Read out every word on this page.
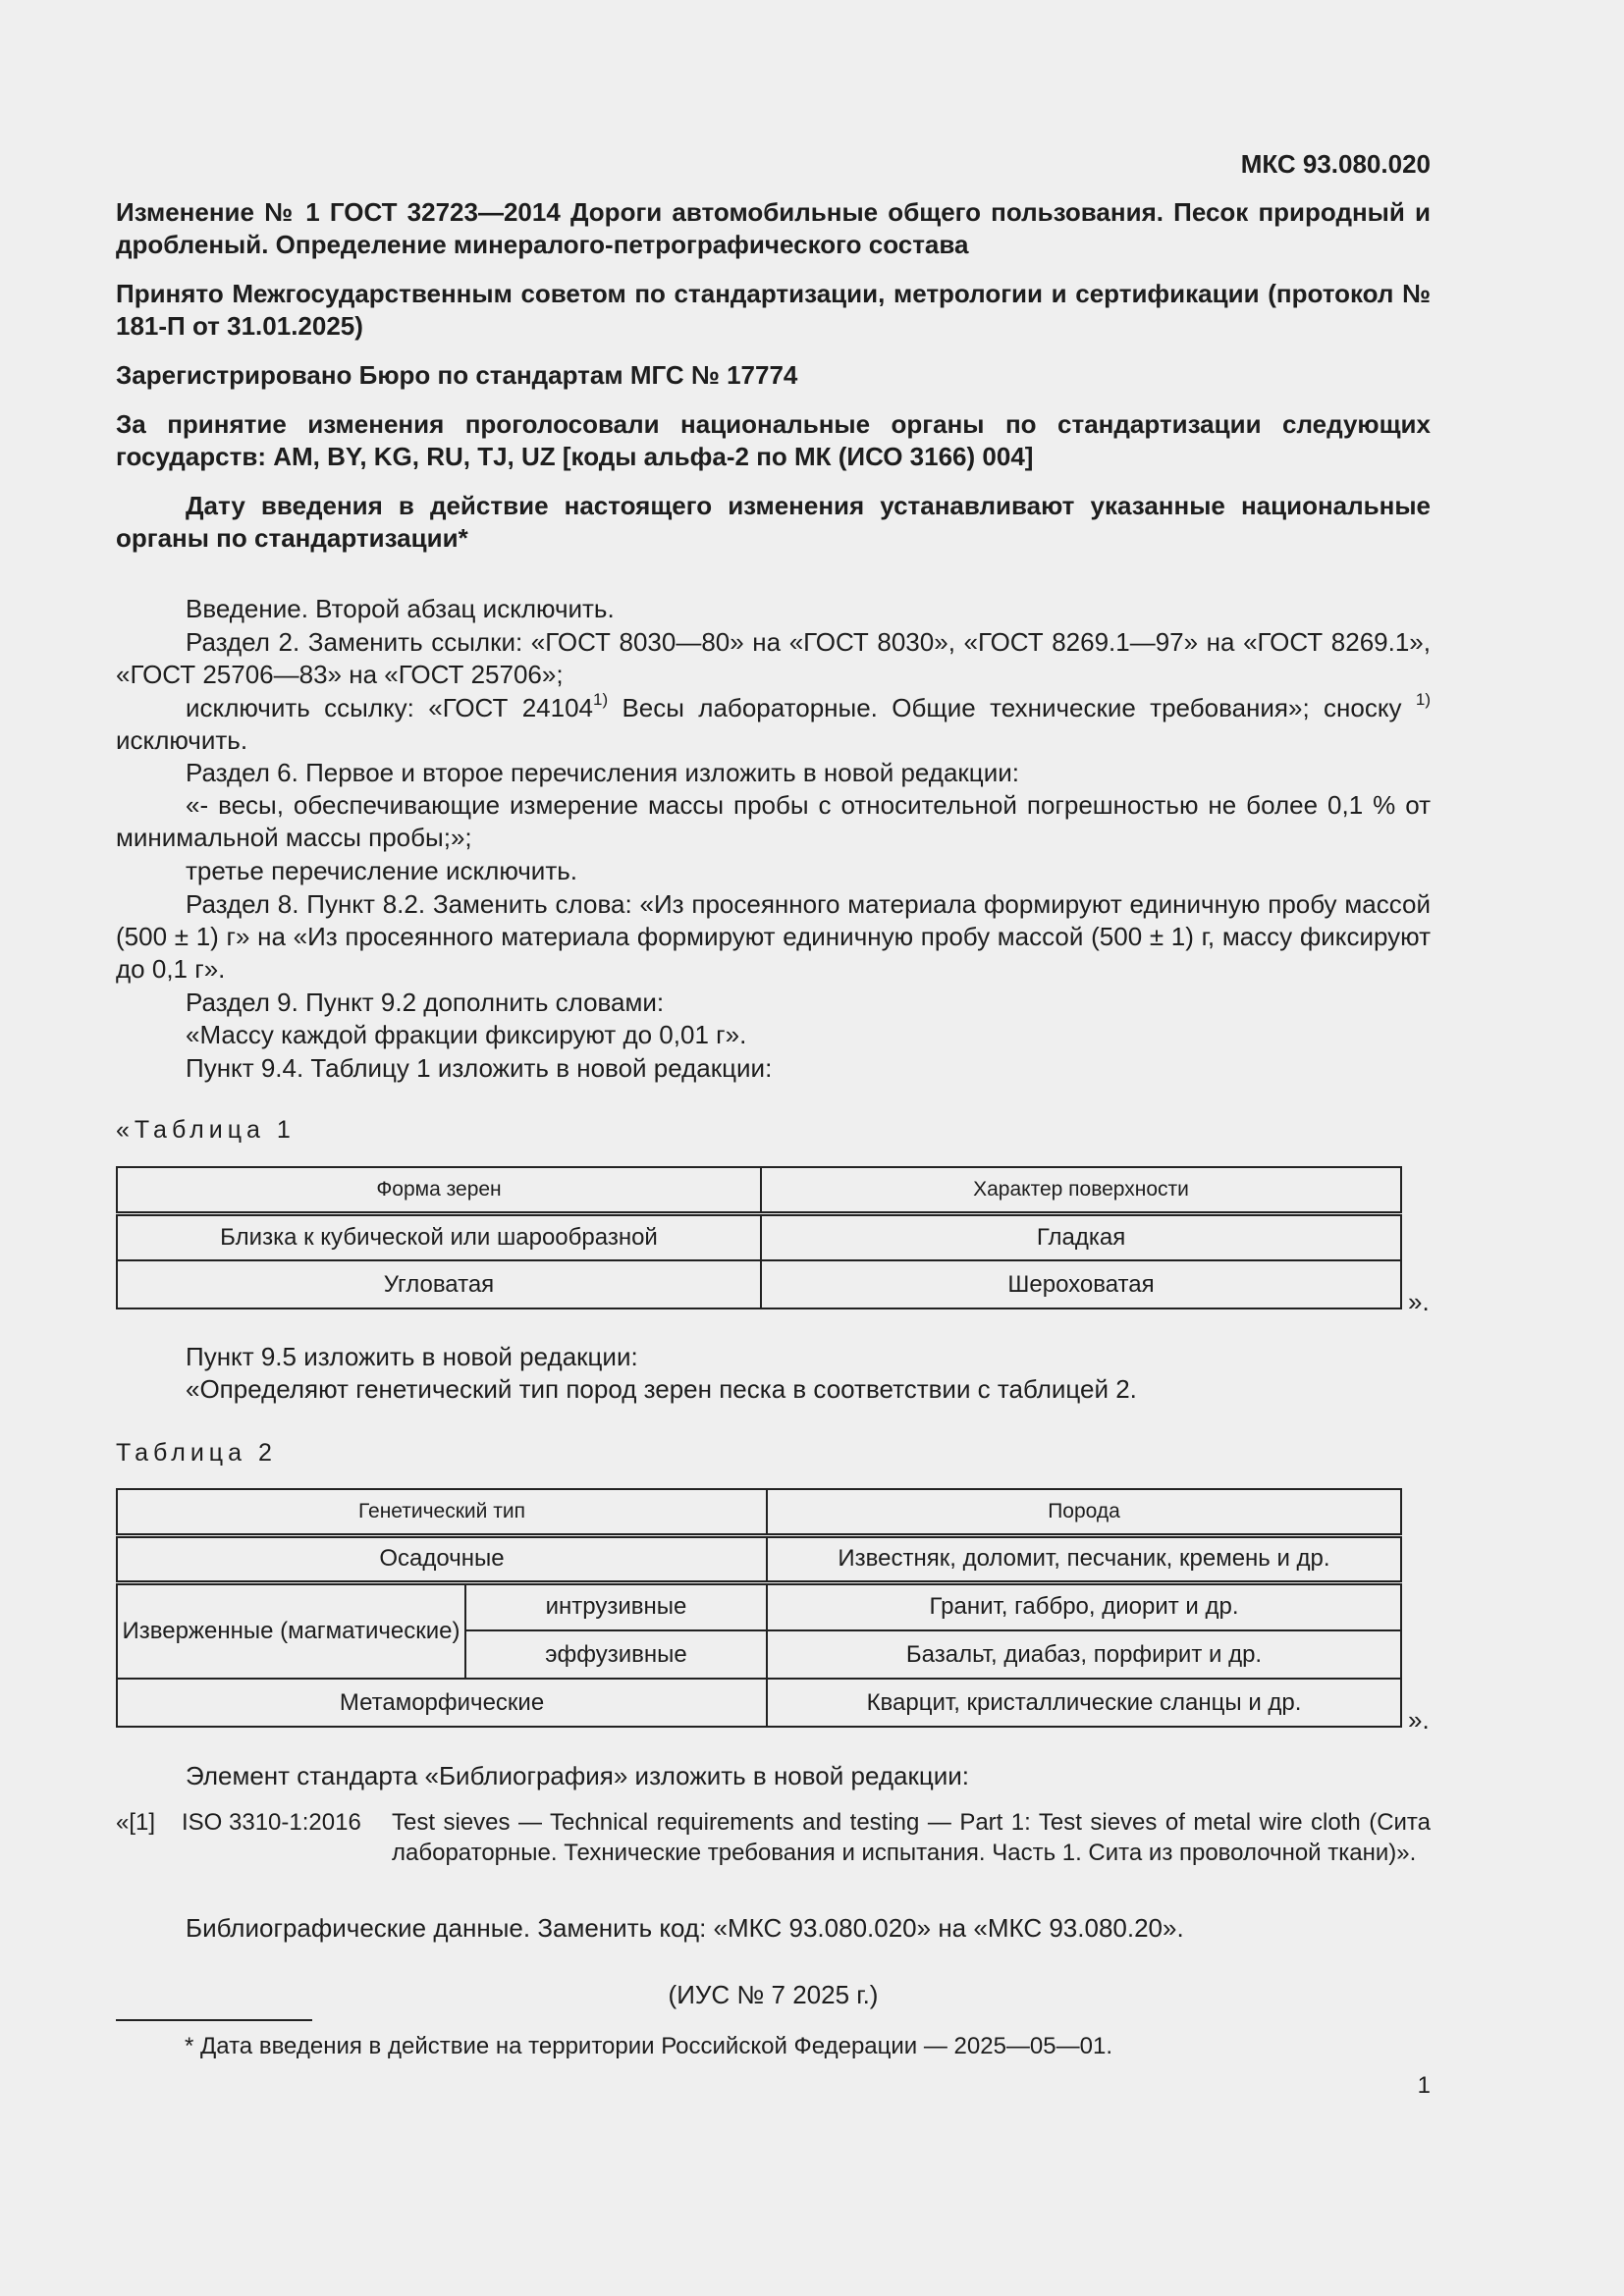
МКС 93.080.020

Изменение № 1 ГОСТ 32723—2014 Дороги автомобильные общего пользования. Песок природный и дробленый. Определение минералого-петрографического состава

Принято Межгосударственным советом по стандартизации, метрологии и сертификации (протокол № 181-П от 31.01.2025)

Зарегистрировано Бюро по стандартам МГС № 17774

За принятие изменения проголосовали национальные органы по стандартизации следующих государств: AM, BY, KG, RU, TJ, UZ [коды альфа-2 по МК (ИСО 3166) 004]

Дату введения в действие настоящего изменения устанавливают указанные национальные органы по стандартизации*

Введение. Второй абзац исключить.

Раздел 2. Заменить ссылки: «ГОСТ 8030—80» на «ГОСТ 8030», «ГОСТ 8269.1—97» на «ГОСТ 8269.1», «ГОСТ 25706—83» на «ГОСТ 25706»;

исключить ссылку: «ГОСТ 24104$^{1)}$ Весы лабораторные. Общие технические требования»; сноску $^{1)}$ исключить.

Раздел 6. Первое и второе перечисления изложить в новой редакции:

«- весы, обеспечивающие измерение массы пробы с относительной погрешностью не более 0,1 % от минимальной массы пробы;»;

третье перечисление исключить.

Раздел 8. Пункт 8.2. Заменить слова: «Из просеянного материала формируют единичную пробу массой (500 ± 1) г» на «Из просеянного материала формируют единичную пробу массой (500 ± 1) г, массу фиксируют до 0,1 г».

Раздел 9. Пункт 9.2 дополнить словами:

«Массу каждой фракции фиксируют до 0,01 г».

Пункт 9.4. Таблицу 1 изложить в новой редакции:

«Таблица 1
Форма зерен	Характер поверхности
Близка к кубической или шарообразной	Гладкая
Угловатая	Шероховатая
».

Пункт 9.5 изложить в новой редакции:

«Определяют генетический тип пород зерен песка в соответствии с таблицей 2.

Таблица 2
Генетический тип		Порода
Осадочные		Известняк, доломит, песчаник, кремень и др.
Изверженные (магматические)	интрузивные	Гранит, габбро, диорит и др.
	эффузивные	Базальт, диабаз, порфирит и др.
Метаморфические		Кварцит, кристаллические сланцы и др.
».

Элемент стандарта «Библиография» изложить в новой редакции:

«[1] ISO 3310-1:2016 Test sieves — Technical requirements and testing — Part 1: Test sieves of metal wire cloth (Сита лабораторные. Технические требования и испытания. Часть 1. Сита из проволочной ткани)».

Библиографические данные. Заменить код: «МКС 93.080.020» на «МКС 93.080.20».

(ИУС № 7 2025 г.)
* Дата введения в действие на территории Российской Федерации — 2025—05—01.
1
